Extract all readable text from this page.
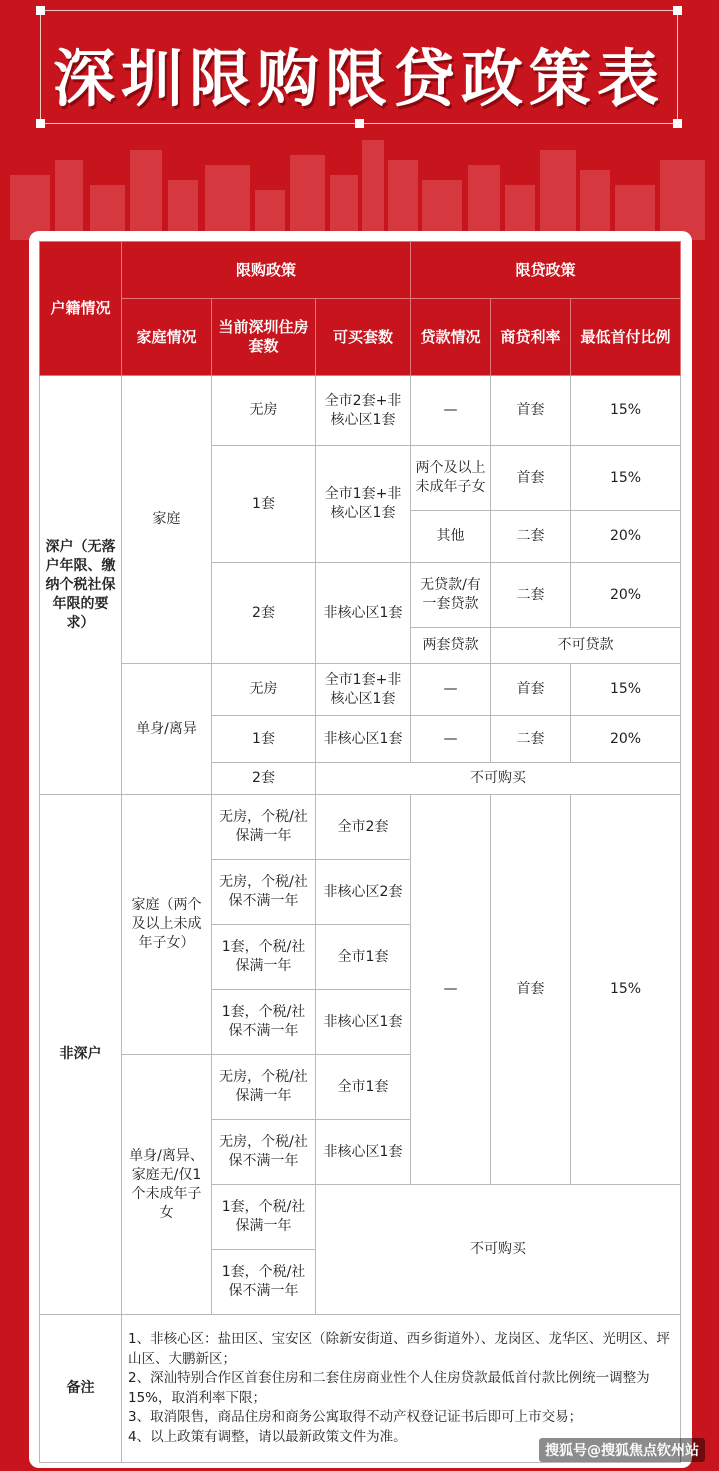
深圳限购限贷政策表
户籍情况	限购政策			限贷政策		
	家庭情况	当前深圳住房套数	可买套数	贷款情况	商贷利率	最低首付比例
深户（无落户年限、缴纳个税社保年限的要求）	家庭	无房	全市2套+非核心区1套	—	首套	15%
		1套	全市1套+非核心区1套	两个及以上未成年子女	首套	15%
				其他	二套	20%
		2套	非核心区1套	无贷款/有一套贷款	二套	20%
				两套贷款	不可贷款	
	单身/离异	无房	全市1套+非核心区1套	—	首套	15%
		1套	非核心区1套	—	二套	20%
		2套	不可购买			
非深户	家庭（两个及以上未成年子女）	无房，个税/社保满一年	全市2套	—	首套	15%
		无房，个税/社保不满一年	非核心区2套			
		1套，个税/社保满一年	全市1套			
		1套，个税/社保不满一年	非核心区1套			
	单身/离异、家庭无/仅1个未成年子女	无房，个税/社保满一年	全市1套			
		无房，个税/社保不满一年	非核心区1套			
		1套，个税/社保满一年	不可购买			
		1套，个税/社保不满一年				
备注	1、非核心区：盐田区、宝安区（除新安街道、西乡街道外）、龙岗区、龙华区、光明区、坪山区、大鹏新区；
2、深汕特别合作区首套住房和二套住房商业性个人住房贷款最低首付款比例统一调整为15%，取消利率下限；
3、取消限售，商品住房和商务公寓取得不动产权登记证书后即可上市交易；
4、以上政策有调整，请以最新政策文件为准。					
搜狐号@搜狐焦点钦州站
